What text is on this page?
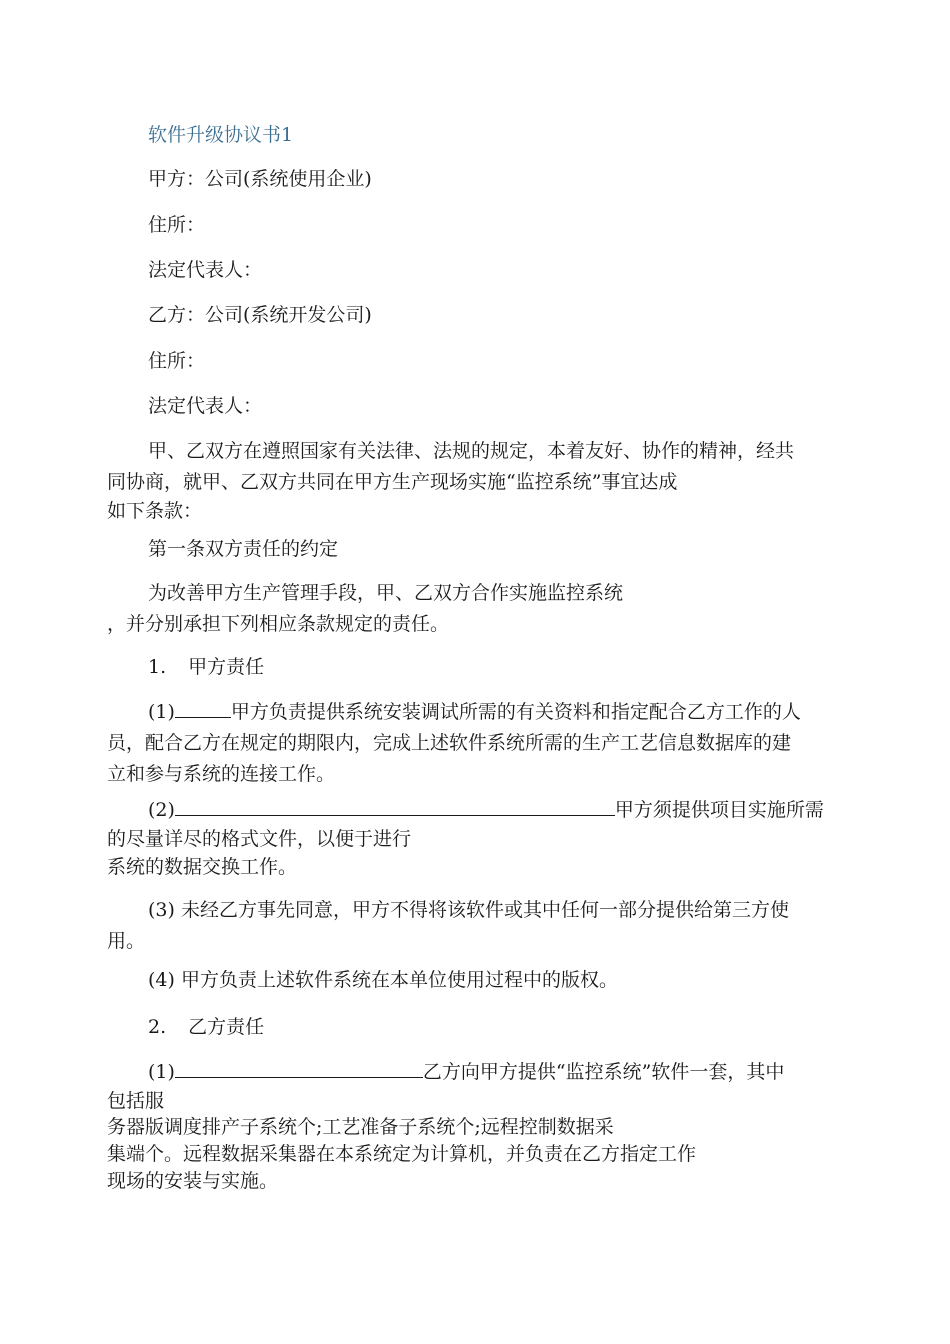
软件升级协议书1
甲方：公司(系统使用企业)
住所：
法定代表人：
乙方：公司(系统开发公司)
住所：
法定代表人：
甲、乙双方在遵照国家有关法律、法规的规定，本着友好、协作的精神，经共
同协商，就甲、乙双方共同在甲方生产现场实施“监控系统”事宜达成
如下条款：
第一条双方责任的约定
为改善甲方生产管理手段，甲、乙双方合作实施监控系统
，并分别承担下列相应条款规定的责任。
1. 甲方责任
(1)	甲方负责提供系统安装调试所需的有关资料和指定配合乙方工作的人
员，配合乙方在规定的期限内，完成上述软件系统所需的生产工艺信息数据库的建
立和参与系统的连接工作。
(2)	甲方须提供项目实施所需
的尽量详尽的格式文件，以便于进行
系统的数据交换工作。
(3) 未经乙方事先同意，甲方不得将该软件或其中任何一部分提供给第三方使
用。
(4) 甲方负责上述软件系统在本单位使用过程中的版权。
2. 乙方责任
(1)	乙方向甲方提供“监控系统”软件一套，其中
包括服
务器版调度排产子系统个;工艺准备子系统个;远程控制数据采
集端个。远程数据采集器在本系统定为计算机，并负责在乙方指定工作
现场的安装与实施。
